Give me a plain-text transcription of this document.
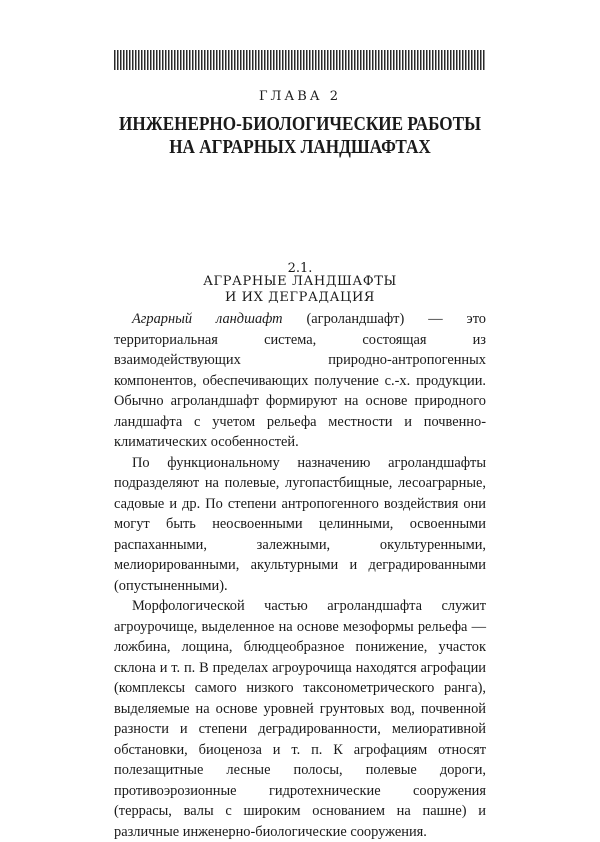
ГЛАВА 2
ИНЖЕНЕРНО-БИОЛОГИЧЕСКИЕ РАБОТЫ
НА АГРАРНЫХ ЛАНДШАФТАХ
2.1.
АГРАРНЫЕ ЛАНДШАФТЫ
И ИХ ДЕГРАДАЦИЯ

Аграрный ландшафт (агроландшафт) — это территориальная система, состоящая из взаимодействующих природно-антропогенных компонентов, обеспечивающих получение с.-х. продукции. Обычно агроландшафт формируют на основе природного ландшафта с учетом рельефа местности и почвенно-климатических особенностей.

По функциональному назначению агроландшафты подразделяют на полевые, лугопастбищные, лесоаграрные, садовые и др. По степени антропогенного воздействия они могут быть неосвоенными целинными, освоенными распаханными, залежными, окультуренными, мелиорированными, акультурными и деградированными (опустыненными).

Морфологической частью агроландшафта служит агроурочище, выделенное на основе мезоформы рельефа — ложбина, лощина, блюдцеобразное понижение, участок склона и т. п. В пределах агроурочища находятся агрофации (комплексы самого низкого таксонометрического ранга), выделяемые на основе уровней грунтовых вод, почвенной разности и степени деградированности, мелиоративной обстановки, биоценоза и т. п. К агрофациям относят полезащитные лесные полосы, полевые дороги, противоэрозионные гидротехнические сооружения (террасы, валы с широким основанием на пашне) и различные инженерно-биологические сооружения.
